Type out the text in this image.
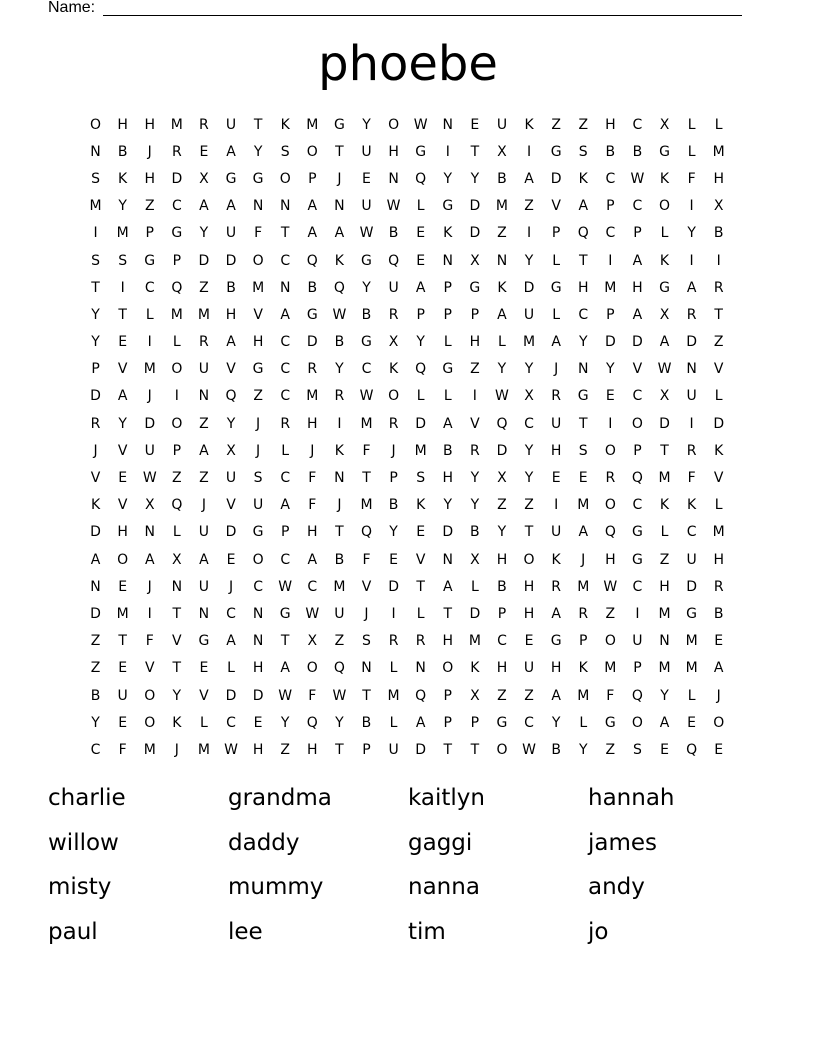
Name:
phoebe
O	H	H	M	R	U	T	K	M	G	Y	O	W	N	E	U	K	Z	Z	H	C	X	L	L
N	B	J	R	E	A	Y	S	O	T	U	H	G	I	T	X	I	G	S	B	B	G	L	M
S	K	H	D	X	G	G	O	P	J	E	N	Q	Y	Y	B	A	D	K	C	W	K	F	H
M	Y	Z	C	A	A	N	N	A	N	U	W	L	G	D	M	Z	V	A	P	C	O	I	X
I	M	P	G	Y	U	F	T	A	A	W	B	E	K	D	Z	I	P	Q	C	P	L	Y	B
S	S	G	P	D	D	O	C	Q	K	G	Q	E	N	X	N	Y	L	T	I	A	K	I	I
T	I	C	Q	Z	B	M	N	B	Q	Y	U	A	P	G	K	D	G	H	M	H	G	A	R
Y	T	L	M	M	H	V	A	G	W	B	R	P	P	P	A	U	L	C	P	A	X	R	T
Y	E	I	L	R	A	H	C	D	B	G	X	Y	L	H	L	M	A	Y	D	D	A	D	Z
P	V	M	O	U	V	G	C	R	Y	C	K	Q	G	Z	Y	Y	J	N	Y	V	W	N	V
D	A	J	I	N	Q	Z	C	M	R	W	O	L	L	I	W	X	R	G	E	C	X	U	L
R	Y	D	O	Z	Y	J	R	H	I	M	R	D	A	V	Q	C	U	T	I	O	D	I	D
J	V	U	P	A	X	J	L	J	K	F	J	M	B	R	D	Y	H	S	O	P	T	R	K
V	E	W	Z	Z	U	S	C	F	N	T	P	S	H	Y	X	Y	E	E	R	Q	M	F	V
K	V	X	Q	J	V	U	A	F	J	M	B	K	Y	Y	Z	Z	I	M	O	C	K	K	L
D	H	N	L	U	D	G	P	H	T	Q	Y	E	D	B	Y	T	U	A	Q	G	L	C	M
A	O	A	X	A	E	O	C	A	B	F	E	V	N	X	H	O	K	J	H	G	Z	U	H
N	E	J	N	U	J	C	W	C	M	V	D	T	A	L	B	H	R	M	W	C	H	D	R
D	M	I	T	N	C	N	G	W	U	J	I	L	T	D	P	H	A	R	Z	I	M	G	B
Z	T	F	V	G	A	N	T	X	Z	S	R	R	H	M	C	E	G	P	O	U	N	M	E
Z	E	V	T	E	L	H	A	O	Q	N	L	N	O	K	H	U	H	K	M	P	M	M	A
B	U	O	Y	V	D	D	W	F	W	T	M	Q	P	X	Z	Z	A	M	F	Q	Y	L	J
Y	E	O	K	L	C	E	Y	Q	Y	B	L	A	P	P	G	C	Y	L	G	O	A	E	O
C	F	M	J	M	W	H	Z	H	T	P	U	D	T	T	O	W	B	Y	Z	S	E	Q	E
charlie	grandma	kaitlyn	hannah
willow	daddy	gaggi	james
misty	mummy	nanna	andy
paul	lee	tim	jo
